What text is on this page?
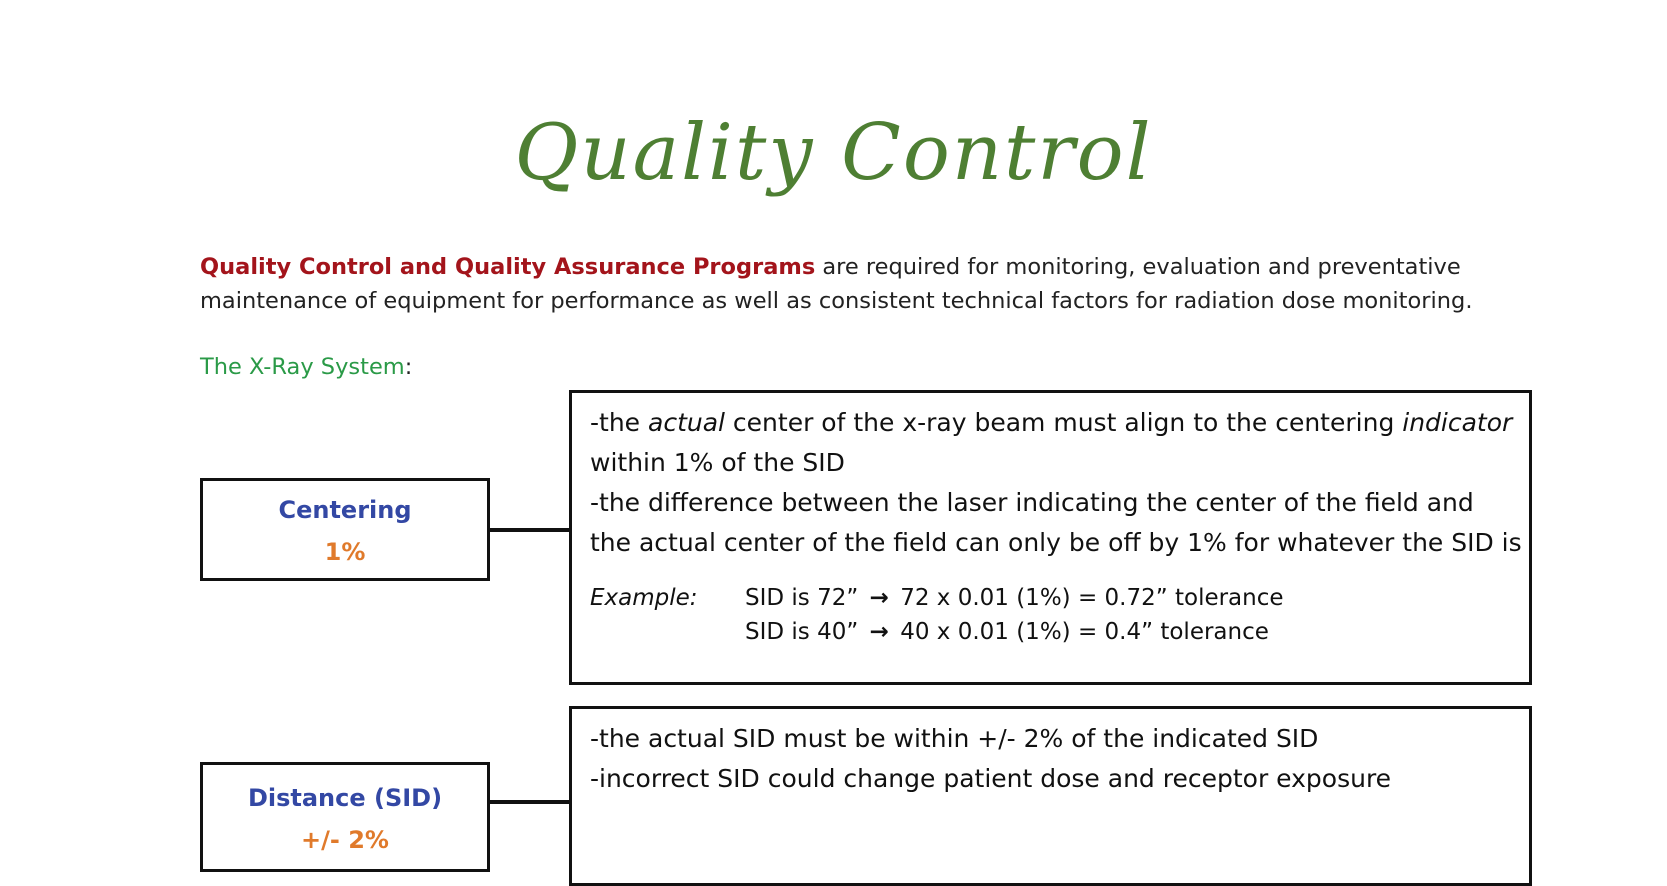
Quality Control
Quality Control and Quality Assurance Programs are required for monitoring, evaluation and preventative maintenance of equipment for performance as well as consistent technical factors for radiation dose monitoring.
The X-Ray System:
Centering
1%
-the actual center of the x-ray beam must align to the centering indicator
within 1% of the SID
-the difference between the laser indicating the center of the field and
the actual center of the field can only be off by 1% for whatever the SID is
Example:	SID is 72” → 72 x 0.01 (1%) = 0.72” tolerance
SID is 40” → 40 x 0.01 (1%) = 0.4” tolerance
Distance (SID)
+/- 2%
-the actual SID must be within +/- 2% of the indicated SID
-incorrect SID could change patient dose and receptor exposure
